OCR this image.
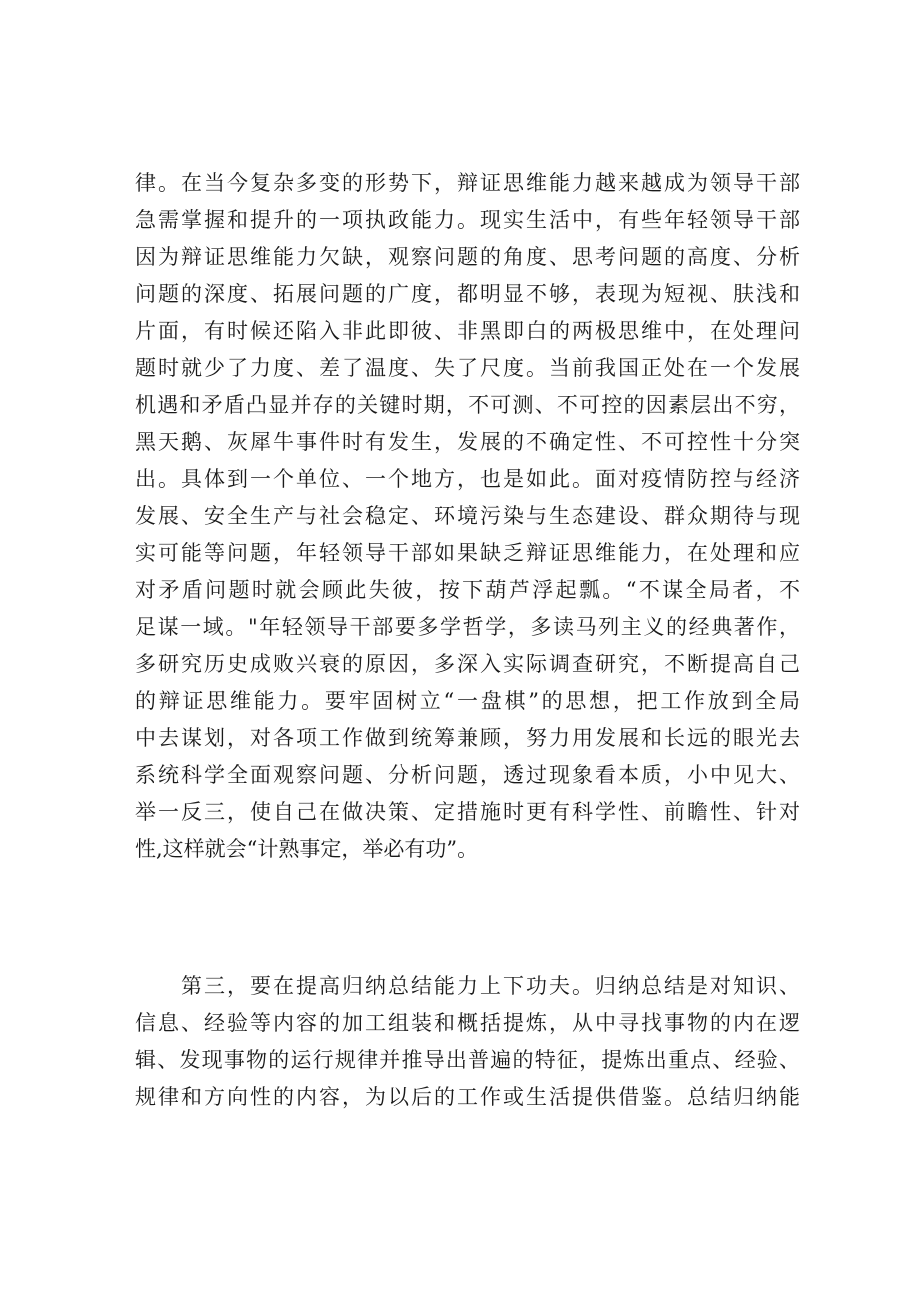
律。在当今复杂多变的形势下，辩证思维能力越来越成为领导干部
急需掌握和提升的一项执政能力。现实生活中，有些年轻领导干部
因为辩证思维能力欠缺，观察问题的角度、思考问题的高度、分析
问题的深度、拓展问题的广度，都明显不够，表现为短视、肤浅和
片面，有时候还陷入非此即彼、非黑即白的两极思维中，在处理问
题时就少了力度、差了温度、失了尺度。当前我国正处在一个发展
机遇和矛盾凸显并存的关键时期，不可测、不可控的因素层出不穷，
黑天鹅、灰犀牛事件时有发生，发展的不确定性、不可控性十分突
出。具体到一个单位、一个地方，也是如此。面对疫情防控与经济
发展、安全生产与社会稳定、环境污染与生态建设、群众期待与现
实可能等问题，年轻领导干部如果缺乏辩证思维能力，在处理和应
对矛盾问题时就会顾此失彼，按下葫芦浮起瓢。“不谋全局者，不
足谋一域。"年轻领导干部要多学哲学，多读马列主义的经典著作，
多研究历史成败兴衰的原因，多深入实际调查研究，不断提高自己
的辩证思维能力。要牢固树立“一盘棋”的思想，把工作放到全局
中去谋划，对各项工作做到统筹兼顾，努力用发展和长远的眼光去
系统科学全面观察问题、分析问题，透过现象看本质，小中见大、
举一反三，使自己在做决策、定措施时更有科学性、前瞻性、针对
性,这样就会“计熟事定，举必有功”。
第三，要在提高归纳总结能力上下功夫。归纳总结是对知识、
信息、经验等内容的加工组装和概括提炼，从中寻找事物的内在逻
辑、发现事物的运行规律并推导出普遍的特征，提炼出重点、经验、
规律和方向性的内容，为以后的工作或生活提供借鉴。总结归纳能
